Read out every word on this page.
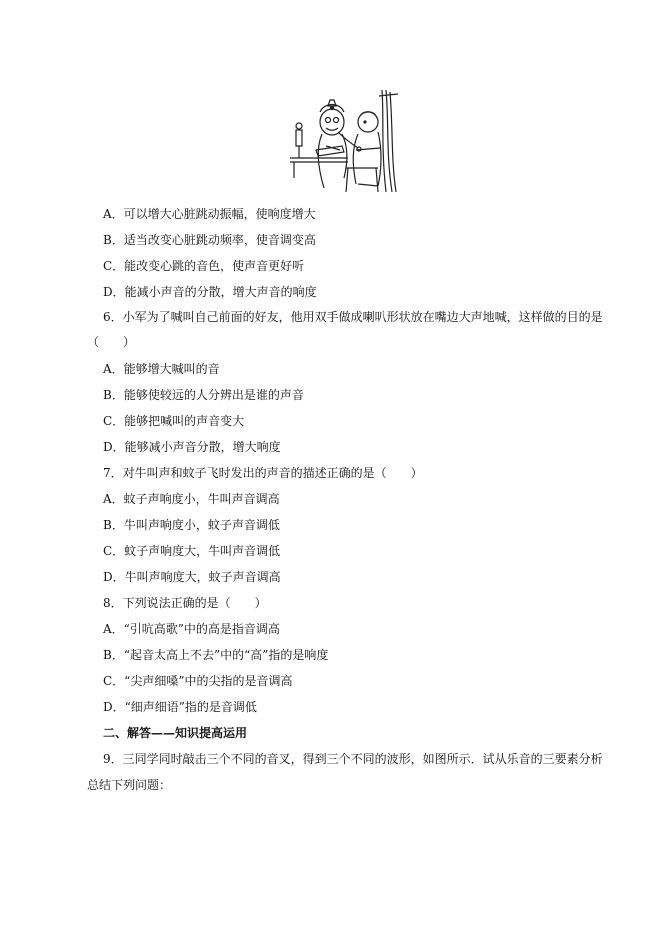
A．可以增大心脏跳动振幅，使响度增大
B．适当改变心脏跳动频率，使音调变高
C．能改变心跳的音色，使声音更好听
D．能减小声音的分散，增大声音的响度
6．小军为了喊叫自己前面的好友，他用双手做成喇叭形状放在嘴边大声地喊，这样做的目的是
（　　）
A．能够增大喊叫的音
B．能够使较远的人分辨出是谁的声音
C．能够把喊叫的声音变大
D．能够减小声音分散，增大响度
7．对牛叫声和蚊子飞时发出的声音的描述正确的是（　　）
A．蚊子声响度小，牛叫声音调高
B．牛叫声响度小，蚊子声音调低
C．蚊子声响度大，牛叫声音调低
D．牛叫声响度大，蚊子声音调高
8．下列说法正确的是（　　）
A．“引吭高歌”中的高是指音调高
B．“起音太高上不去”中的“高”指的是响度
C．“尖声细嗓”中的尖指的是音调高
D．“细声细语”指的是音调低
二、解答——知识提高运用
9．三同学同时敲击三个不同的音叉，得到三个不同的波形，如图所示．试从乐音的三要素分析
总结下列问题：
